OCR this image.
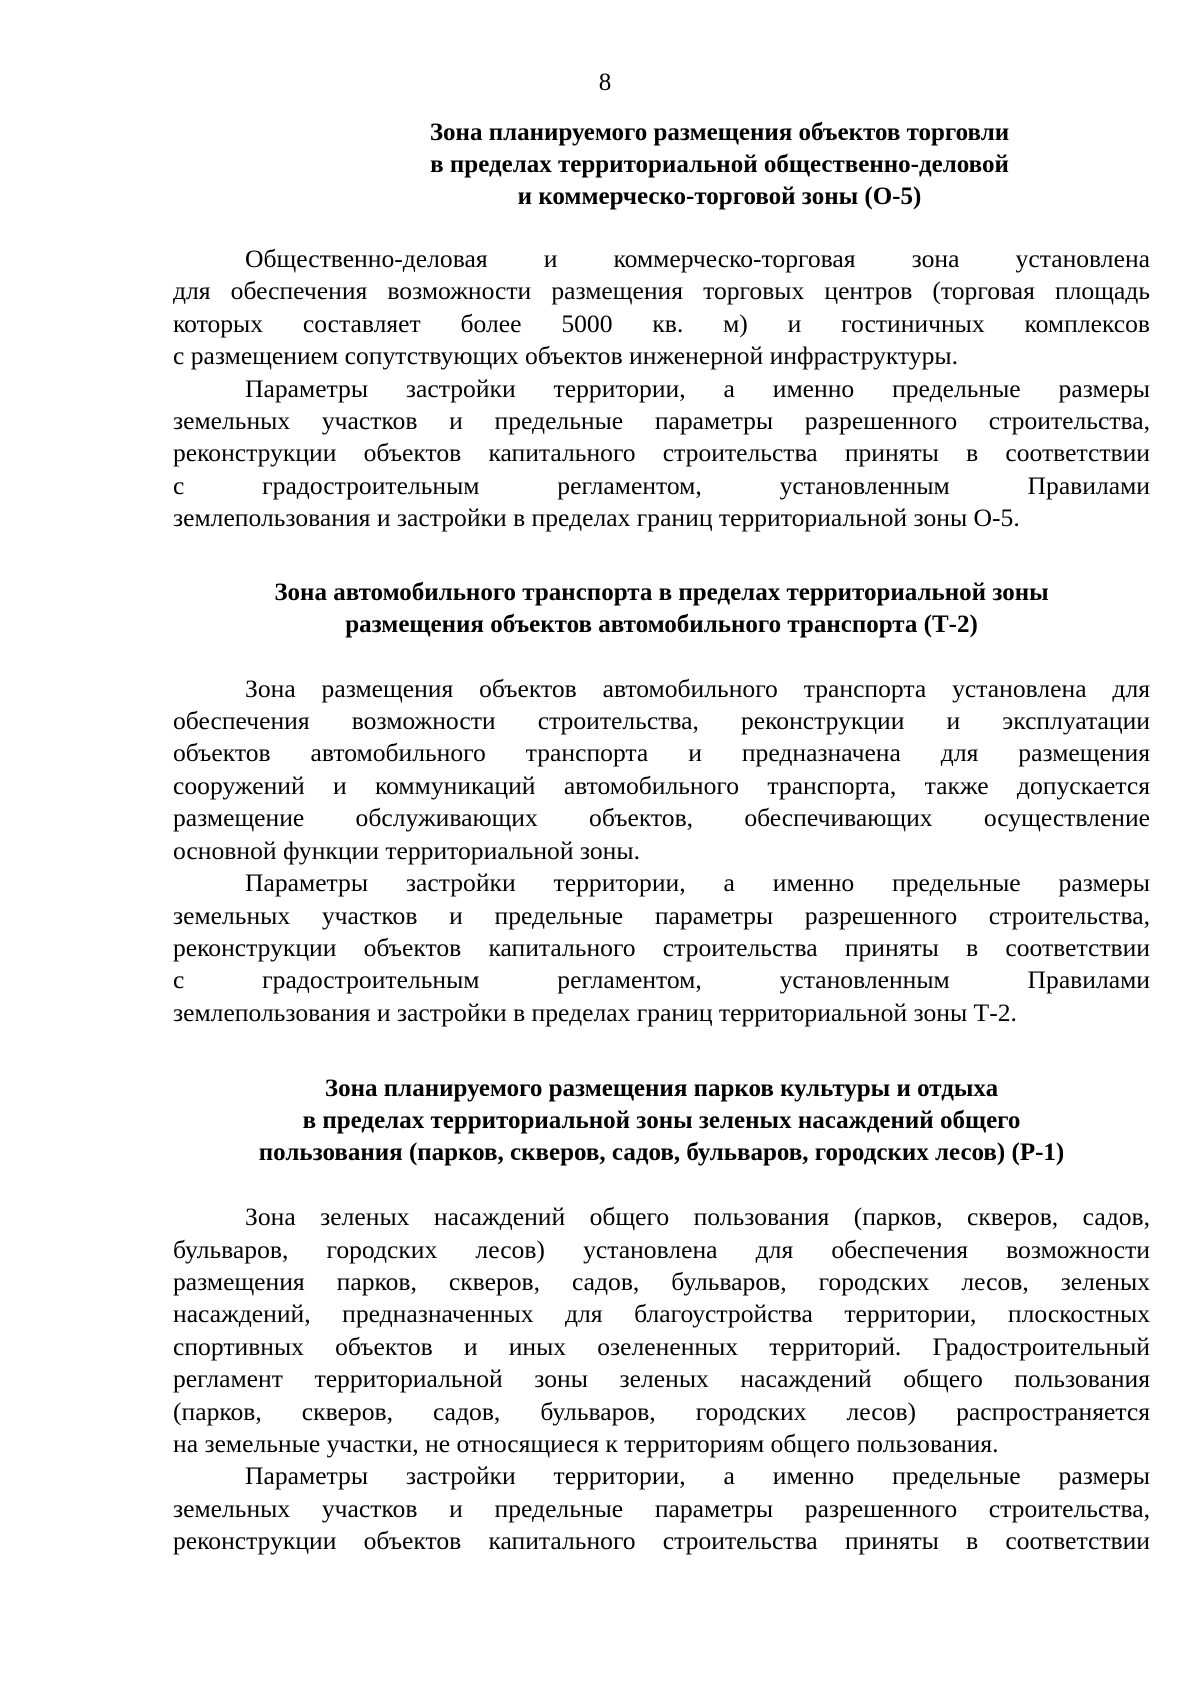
8
Зона планируемого размещения объектов торговли
в пределах территориальной общественно-деловой
и коммерческо-торговой зоны (О-5)

Общественно-деловая и коммерческо-торговая зона установлена
для обеспечения возможности размещения торговых центров (торговая площадь
которых составляет более 5000 кв. м) и гостиничных комплексов
с размещением сопутствующих объектов инженерной инфраструктуры.

Параметры застройки территории, а именно предельные размеры
земельных участков и предельные параметры разрешенного строительства,
реконструкции объектов капитального строительства приняты в соответствии
с градостроительным регламентом, установленным Правилами
землепользования и застройки в пределах границ территориальной зоны О-5.

Зона автомобильного транспорта в пределах территориальной зоны
размещения объектов автомобильного транспорта (Т-2)

Зона размещения объектов автомобильного транспорта установлена для
обеспечения возможности строительства, реконструкции и эксплуатации
объектов автомобильного транспорта и предназначена для размещения
сооружений и коммуникаций автомобильного транспорта, также допускается
размещение обслуживающих объектов, обеспечивающих осуществление
основной функции территориальной зоны.

Параметры застройки территории, а именно предельные размеры
земельных участков и предельные параметры разрешенного строительства,
реконструкции объектов капитального строительства приняты в соответствии
с градостроительным регламентом, установленным Правилами
землепользования и застройки в пределах границ территориальной зоны Т-2.

Зона планируемого размещения парков культуры и отдыха
в пределах территориальной зоны зеленых насаждений общего
пользования (парков, скверов, садов, бульваров, городских лесов) (Р-1)

Зона зеленых насаждений общего пользования (парков, скверов, садов,
бульваров, городских лесов) установлена для обеспечения возможности
размещения парков, скверов, садов, бульваров, городских лесов, зеленых
насаждений, предназначенных для благоустройства территории, плоскостных
спортивных объектов и иных озелененных территорий. Градостроительный
регламент территориальной зоны зеленых насаждений общего пользования
(парков, скверов, садов, бульваров, городских лесов) распространяется
на земельные участки, не относящиеся к территориям общего пользования.

Параметры застройки территории, а именно предельные размеры
земельных участков и предельные параметры разрешенного строительства,
реконструкции объектов капитального строительства приняты в соответствии
